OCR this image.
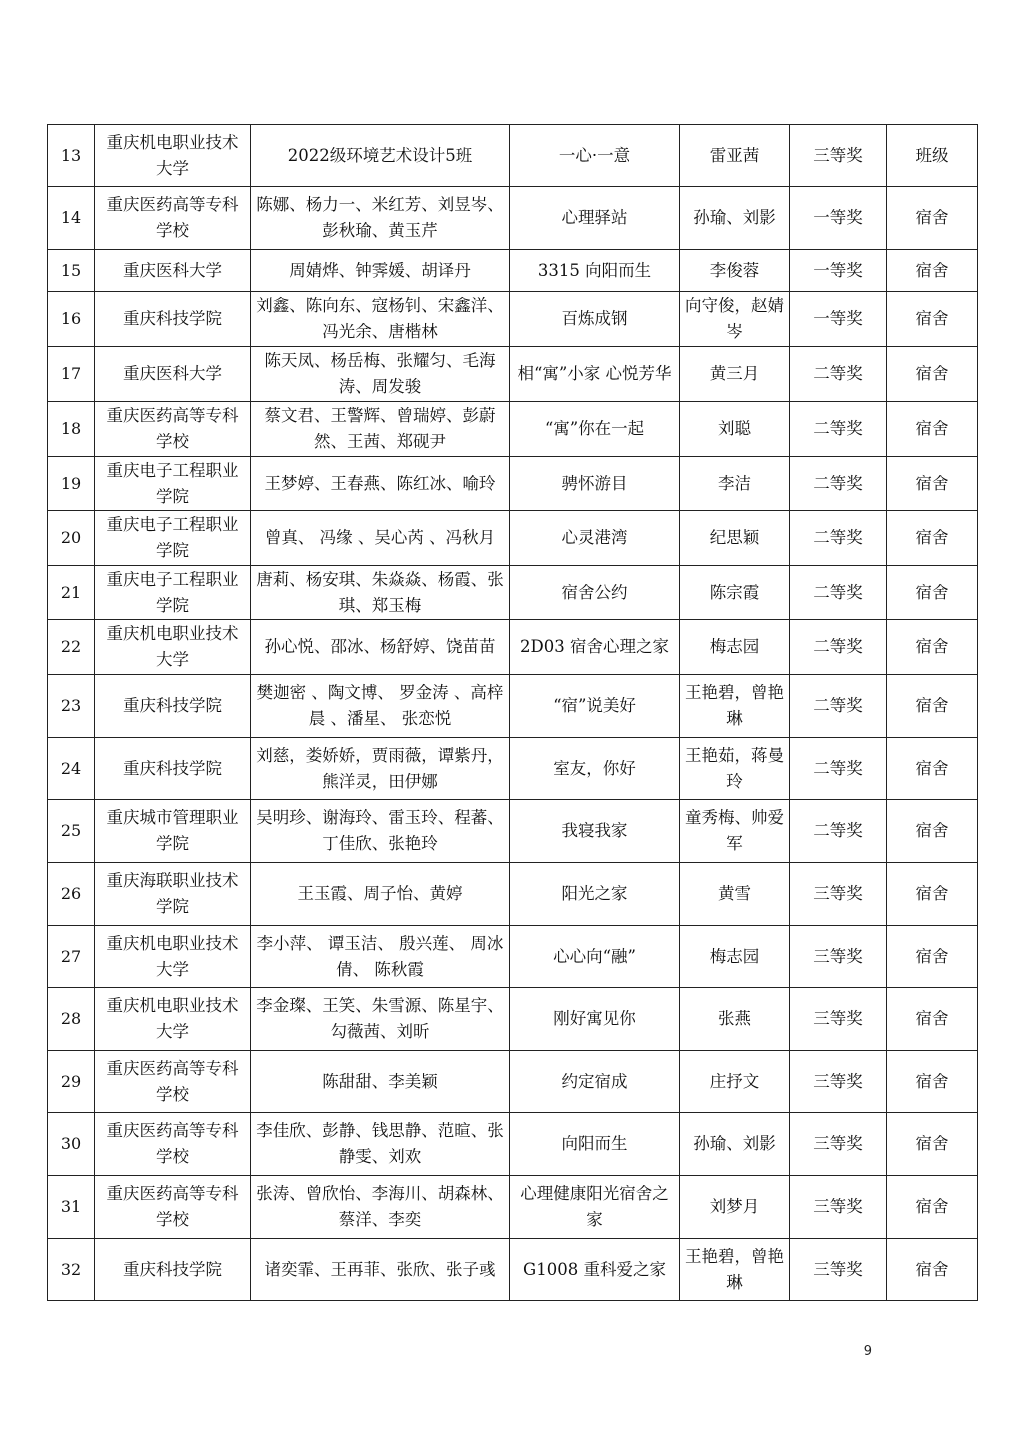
13	重庆机电职业技术大学	2022级环境艺术设计5班	一心·一意	雷亚茜	三等奖	班级
14	重庆医药高等专科学校	陈娜、杨力一、米红芳、刘昱岑、彭秋瑜、黄玉芹	心理驿站	孙瑜、刘影	一等奖	宿舍
15	重庆医科大学	周婧烨、钟霁媛、胡译丹	3315 向阳而生	李俊蓉	一等奖	宿舍
16	重庆科技学院	刘鑫、陈向东、寇杨钊、宋鑫洋、冯光余、唐楷林	百炼成钢	向守俊，赵婧岑	一等奖	宿舍
17	重庆医科大学	陈天凤、杨岳梅、张耀匀、毛海涛、周发骏	相“寓”小家 心悦芳华	黄三月	二等奖	宿舍
18	重庆医药高等专科学校	蔡文君、王警辉、曾瑞婷、彭蔚然、王茜、郑砚尹	“寓”你在一起	刘聪	二等奖	宿舍
19	重庆电子工程职业学院	王梦婷、王春燕、陈红冰、喻玲	骋怀游目	李洁	二等奖	宿舍
20	重庆电子工程职业学院	曾真、 冯缘 、吴心芮 、冯秋月	心灵港湾	纪思颖	二等奖	宿舍
21	重庆电子工程职业学院	唐莉、杨安琪、朱焱焱、杨霞、张琪、郑玉梅	宿舍公约	陈宗霞	二等奖	宿舍
22	重庆机电职业技术大学	孙心悦、邵冰、杨舒婷、饶苗苗	2D03 宿舍心理之家	梅志园	二等奖	宿舍
23	重庆科技学院	樊迦密 、陶文博、 罗金涛 、高梓晨 、潘星、 张恋悦	“宿”说美好	王艳碧，曾艳琳	二等奖	宿舍
24	重庆科技学院	刘慈，娄娇娇，贾雨薇，谭紫丹，熊洋灵，田伊娜	室友，你好	王艳茹，蒋曼玲	二等奖	宿舍
25	重庆城市管理职业学院	吴明珍、谢海玲、雷玉玲、程蕃、丁佳欣、张艳玲	我寝我家	童秀梅、帅爱军	二等奖	宿舍
26	重庆海联职业技术学院	王玉霞、周子怡、黄婷	阳光之家	黄雪	三等奖	宿舍
27	重庆机电职业技术大学	李小萍、 谭玉洁、 殷兴莲、 周冰倩、 陈秋霞	心心向“融”	梅志园	三等奖	宿舍
28	重庆机电职业技术大学	李金璨、王笑、朱雪源、陈星宇、勾薇茜、刘昕	刚好寓见你	张燕	三等奖	宿舍
29	重庆医药高等专科学校	陈甜甜、李美颖	约定宿成	庄抒文	三等奖	宿舍
30	重庆医药高等专科学校	李佳欣、彭静、钱思静、范暄、张静雯、刘欢	向阳而生	孙瑜、刘影	三等奖	宿舍
31	重庆医药高等专科学校	张涛、曾欣怡、李海川、胡森林、蔡洋、李奕	心理健康阳光宿舍之家	刘梦月	三等奖	宿舍
32	重庆科技学院	诸奕霏、王再菲、张欣、张子彧	G1008 重科爱之家	王艳碧，曾艳琳	三等奖	宿舍
9
